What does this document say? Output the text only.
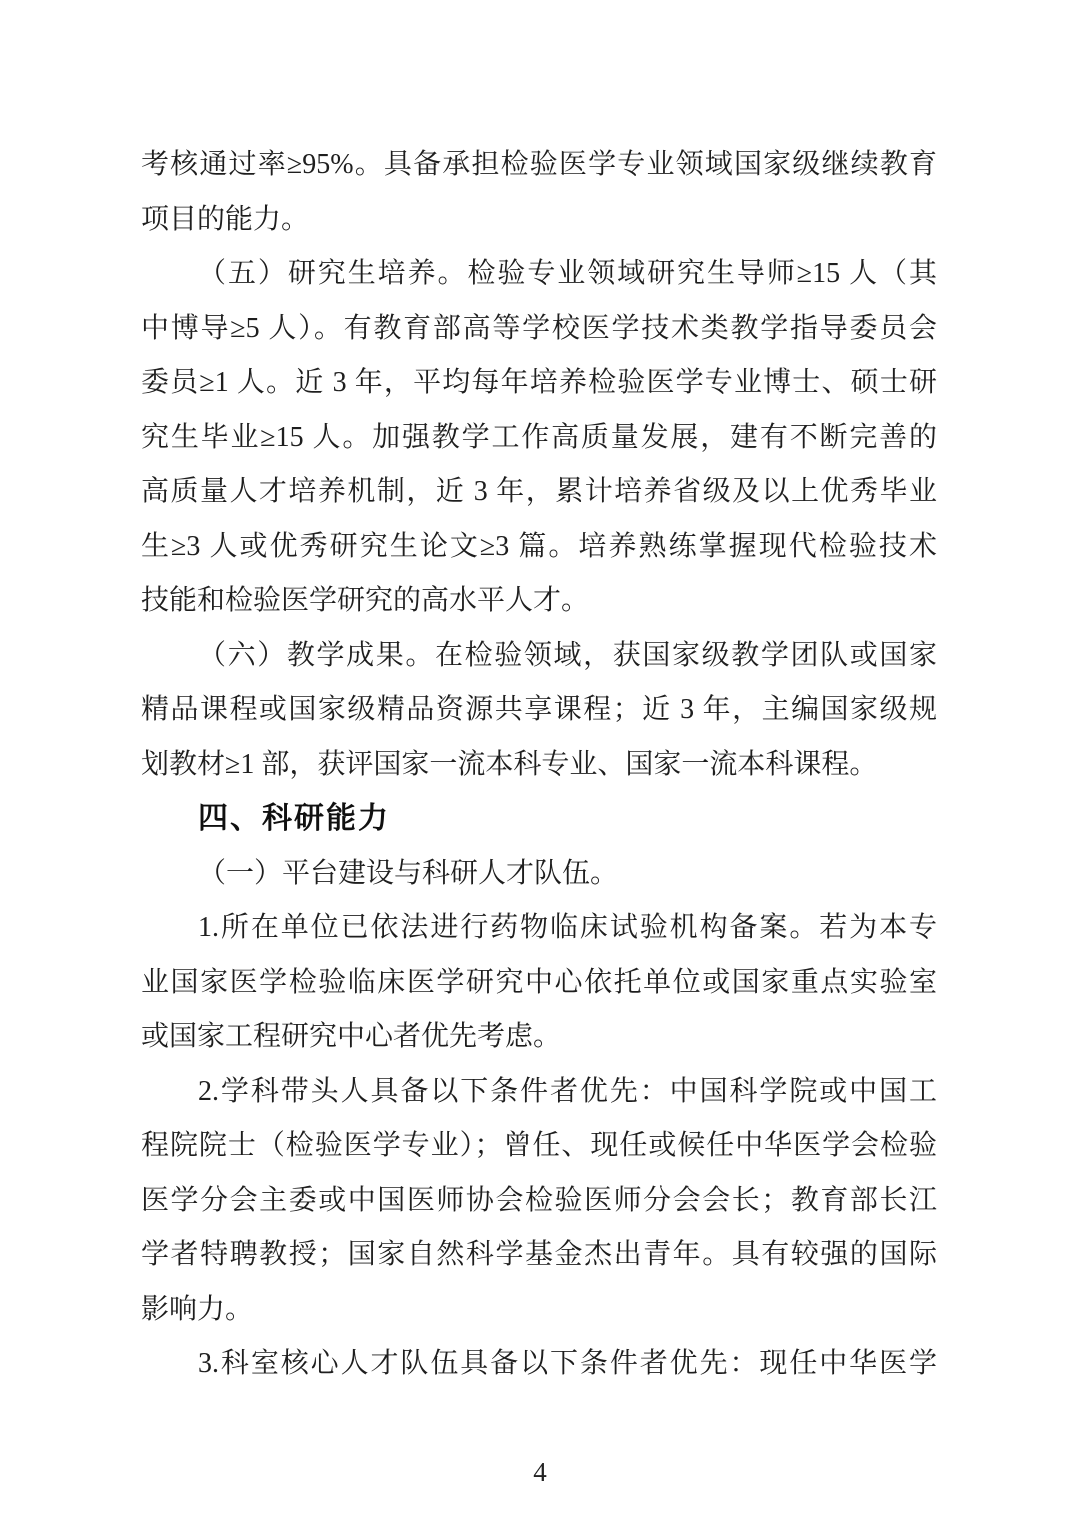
考核通过率≥95%。具备承担检验医学专业领域国家级继续教育
项目的能力。
（五）研究生培养。检验专业领域研究生导师≥15 人（其
中博导≥5 人）。有教育部高等学校医学技术类教学指导委员会
委员≥1 人。近 3 年，平均每年培养检验医学专业博士、硕士研
究生毕业≥15 人。加强教学工作高质量发展，建有不断完善的
高质量人才培养机制，近 3 年，累计培养省级及以上优秀毕业
生≥3 人或优秀研究生论文≥3 篇。培养熟练掌握现代检验技术
技能和检验医学研究的高水平人才。
（六）教学成果。在检验领域，获国家级教学团队或国家
精品课程或国家级精品资源共享课程；近 3 年，主编国家级规
划教材≥1 部，获评国家一流本科专业、国家一流本科课程。
四、科研能力
（一）平台建设与科研人才队伍。
1.所在单位已依法进行药物临床试验机构备案。若为本专
业国家医学检验临床医学研究中心依托单位或国家重点实验室
或国家工程研究中心者优先考虑。
2.学科带头人具备以下条件者优先：中国科学院或中国工
程院院士（检验医学专业）；曾任、现任或候任中华医学会检验
医学分会主委或中国医师协会检验医师分会会长；教育部长江
学者特聘教授；国家自然科学基金杰出青年。具有较强的国际
影响力。
3.科室核心人才队伍具备以下条件者优先：现任中华医学
4
